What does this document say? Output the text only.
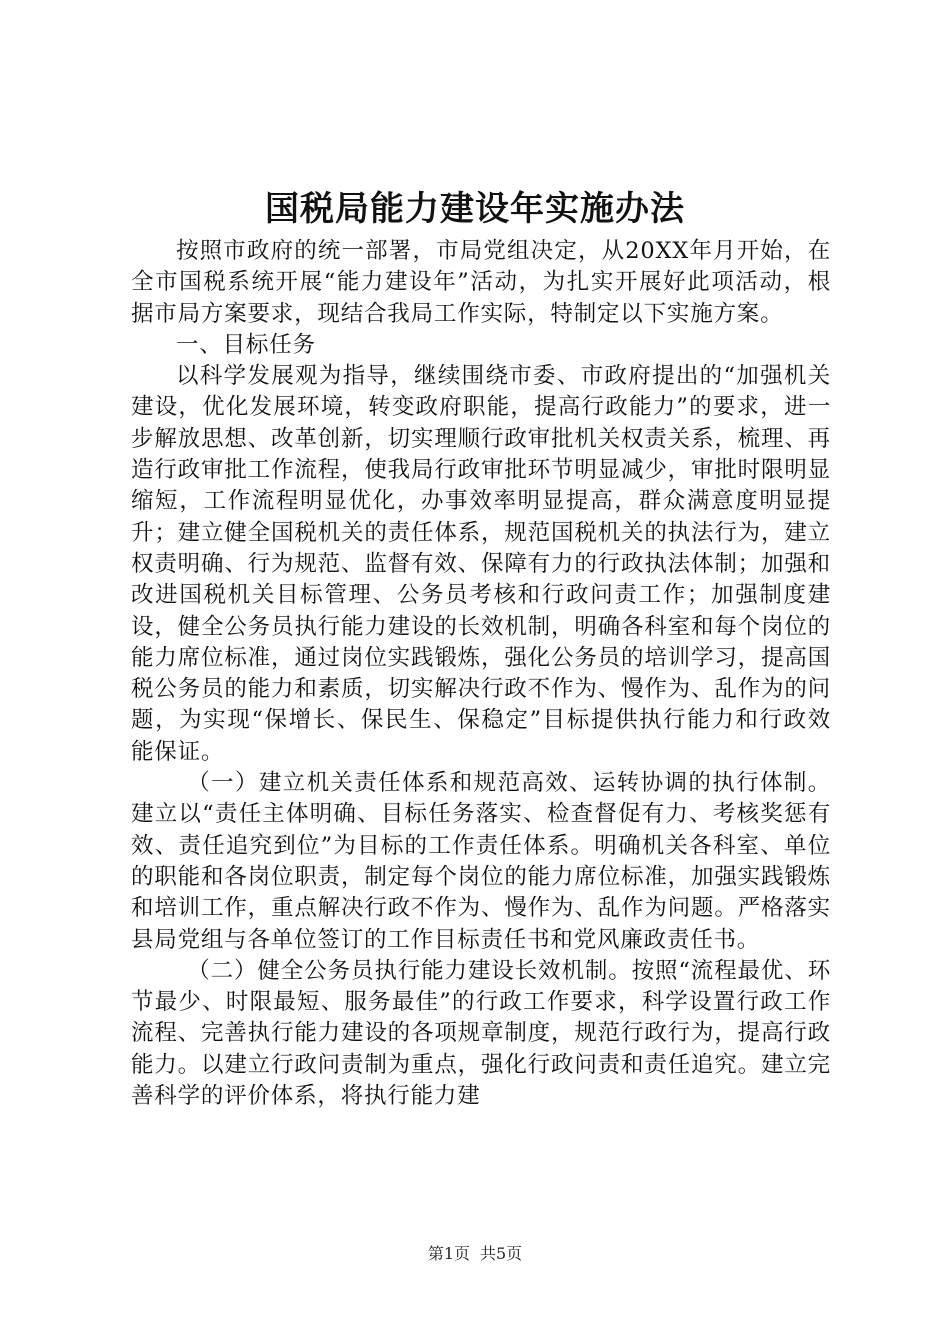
国税局能力建设年实施办法

按照市政府的统一部署，市局党组决定，从20XX年月开始，在全市国税系统开展“能力建设年”活动，为扎实开展好此项活动，根据市局方案要求，现结合我局工作实际，特制定以下实施方案。

一、目标任务

以科学发展观为指导，继续围绕市委、市政府提出的“加强机关建设，优化发展环境，转变政府职能，提高行政能力”的要求，进一步解放思想、改革创新，切实理顺行政审批机关权责关系，梳理、再造行政审批工作流程，使我局行政审批环节明显减少，审批时限明显缩短，工作流程明显优化，办事效率明显提高，群众满意度明显提升；建立健全国税机关的责任体系，规范国税机关的执法行为，建立权责明确、行为规范、监督有效、保障有力的行政执法体制；加强和改进国税机关目标管理、公务员考核和行政问责工作；加强制度建设，健全公务员执行能力建设的长效机制，明确各科室和每个岗位的能力席位标准，通过岗位实践锻炼，强化公务员的培训学习，提高国税公务员的能力和素质，切实解决行政不作为、慢作为、乱作为的问题，为实现“保增长、保民生、保稳定”目标提供执行能力和行政效能保证。

（一）建立机关责任体系和规范高效、运转协调的执行体制。建立以“责任主体明确、目标任务落实、检查督促有力、考核奖惩有效、责任追究到位”为目标的工作责任体系。明确机关各科室、单位的职能和各岗位职责，制定每个岗位的能力席位标准，加强实践锻炼和培训工作，重点解决行政不作为、慢作为、乱作为问题。严格落实县局党组与各单位签订的工作目标责任书和党风廉政责任书。

（二）健全公务员执行能力建设长效机制。按照“流程最优、环节最少、时限最短、服务最佳”的行政工作要求，科学设置行政工作流程、完善执行能力建设的各项规章制度，规范行政行为，提高行政能力。以建立行政问责制为重点，强化行政问责和责任追究。建立完善科学的评价体系，将执行能力建

第1页 共5页
